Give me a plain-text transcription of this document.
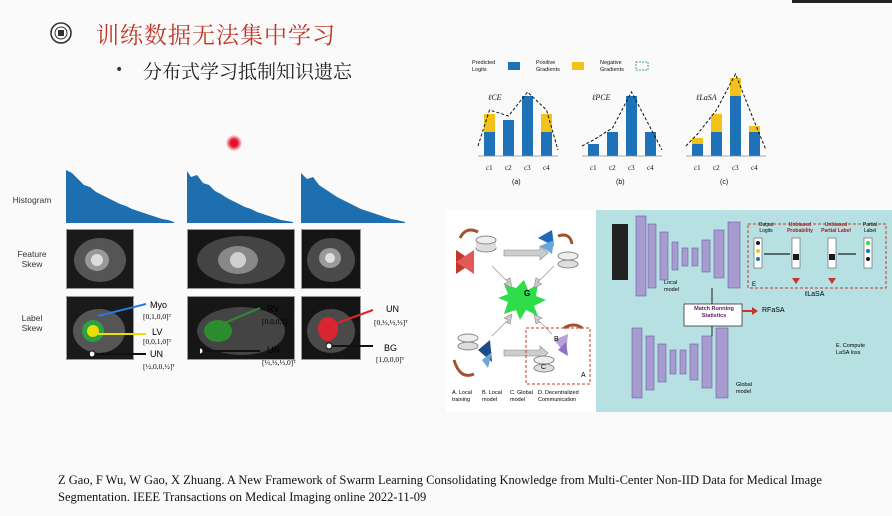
训练数据无法集中学习
• 分布式学习抵制知识遗忘
Histogram
Feature
Skew
Label
Skew
Myo
[0,1,0,0]ᵀ
LV
[0,0,1,0]ᵀ
UN
[½,0,0,½]ᵀ
RV
[0,0,0,1]ᵀ
UN
[⅓,⅓,⅓,0]ᵀ
UN
[0,⅓,⅓,⅓]ᵀ
BG
[1,0,0,0]ᵀ
Predicted
Logits
Positive
Gradients
Negative
Gradients
ℓCE
c1 c2 c3 c4
(a)
ℓPCE
c1 c2 c3 c4
(b)
ℓLaSA
c1 c2 c3 c4
(c)
G
B
C
A
A. Local
training
B. Local
model
C. Global
model
D. Decentralized
Communication
Output
Logits
Unbiased
Probability
Unbiased
Partial Label
Partial
Label
Match Running
Statistics
RFaSA
ℓLaSA
Local
model
Global
model
E. Compute
LaSA loss
E
Z Gao, F Wu, W Gao, X Zhuang. A New Framework of Swarm Learning Consolidating Knowledge from Multi-Center Non-IID Data for Medical Image Segmentation. IEEE Transactions on Medical Imaging online 2022-11-09
